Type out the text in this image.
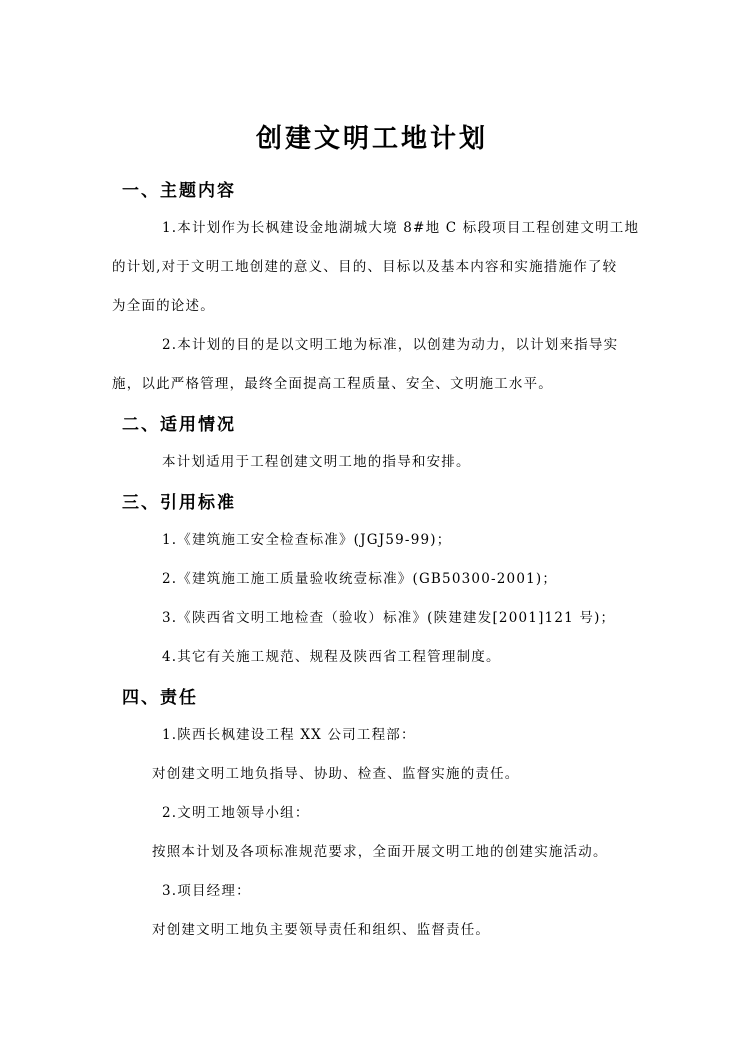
创建文明工地计划
一、主题内容
1.本计划作为长枫建设金地湖城大境 8#地 C 标段项目工程创建文明工地
的计划,对于文明工地创建的意义、目的、目标以及基本内容和实施措施作了较
为全面的论述。
2.本计划的目的是以文明工地为标准，以创建为动力，以计划来指导实
施，以此严格管理，最终全面提高工程质量、安全、文明施工水平。
二、适用情况
本计划适用于工程创建文明工地的指导和安排。
三、引用标准
1.《建筑施工安全检查标准》(JGJ59-99)；
2.《建筑施工施工质量验收统壹标准》(GB50300-2001)；
3.《陕西省文明工地检查（验收）标准》(陕建建发[2001]121 号)；
4.其它有关施工规范、规程及陕西省工程管理制度。
四、责任
1.陕西长枫建设工程 XX 公司工程部：
对创建文明工地负指导、协助、检查、监督实施的责任。
2.文明工地领导小组：
按照本计划及各项标准规范要求，全面开展文明工地的创建实施活动。
3.项目经理：
对创建文明工地负主要领导责任和组织、监督责任。
